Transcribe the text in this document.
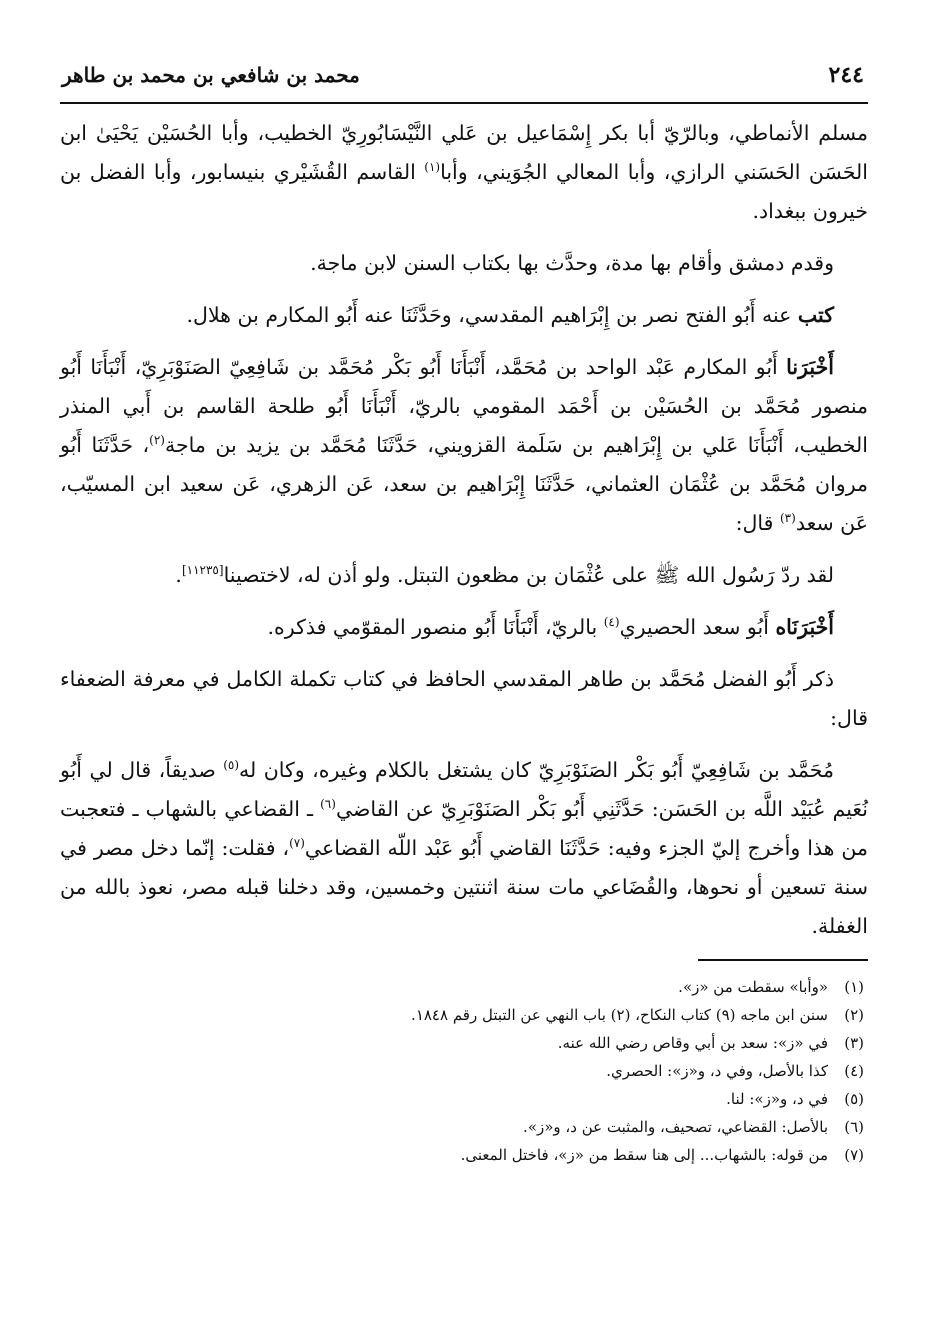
٢٤٤
محمد بن شافعي بن محمد بن طاهر

مسلم الأنماطي، وبالرّيّ أبا بكر إِسْمَاعيل بن عَلي النَّيْسَابُورِيّ الخطيب، وأبا الحُسَيْن يَحْيَىٰ ابن الحَسَن الحَسَني الرازي، وأبا المعالي الجُوَيني، وأبا$^{(١)}$ القاسم القُشَيْري بنيسابور، وأبا الفضل بن خيرون ببغداد.

وقدم دمشق وأقام بها مدة، وحدَّث بها بكتاب السنن لابن ماجة.

كتب عنه أَبُو الفتح نصر بن إِبْرَاهيم المقدسي، وحَدَّثَنَا عنه أَبُو المكارم بن هلال.

أَخْبَرَنا أَبُو المكارم عَبْد الواحد بن مُحَمَّد، أَنْبَأَنَا أَبُو بَكْر مُحَمَّد بن شَافِعِيّ الصَنَوْبَرِيّ، أَنْبَأَنَا أَبُو منصور مُحَمَّد بن الحُسَيْن بن أَحْمَد المقومي بالريّ، أَنْبَأَنَا أَبُو طلحة القاسم بن أَبي المنذر الخطيب، أَنْبَأَنَا عَلي بن إِبْرَاهيم بن سَلَمة القزويني، حَدَّثَنَا مُحَمَّد بن يزيد بن ماجة$^{(٢)}$، حَدَّثَنَا أَبُو مروان مُحَمَّد بن عُثْمَان العثماني، حَدَّثَنَا إِبْرَاهيم بن سعد، عَن الزهري، عَن سعيد ابن المسيّب، عَن سعد$^{(٣)}$ قال:

لقد ردّ رَسُول الله ﷺ على عُثْمَان بن مظعون التبتل. ولو أذن له، لاختصينا[١١٢٣٥].

أَخْبَرَنَاه أَبُو سعد الحصيري$^{(٤)}$ بالريّ، أَنْبَأَنَا أَبُو منصور المقوّمي فذكره.

ذكر أَبُو الفضل مُحَمَّد بن طاهر المقدسي الحافظ في كتاب تكملة الكامل في معرفة الضعفاء قال:

مُحَمَّد بن شَافِعِيّ أَبُو بَكْر الصَنَوْبَرِيّ كان يشتغل بالكلام وغيره، وكان له$^{(٥)}$ صديقاً، قال لي أَبُو نُعَيم عُبَيْد اللَّه بن الحَسَن: حَدَّثَنِي أَبُو بَكْر الصَنَوْبَرِيّ عن القاضي$^{(٦)}$ ـ القضاعي بالشهاب ـ فتعجبت من هذا وأخرج إليّ الجزء وفيه: حَدَّثَنَا القاضي أَبُو عَبْد اللّه القضاعي$^{(٧)}$، فقلت: إنّما دخل مصر في سنة تسعين أو نحوها، والقُضَاعي مات سنة اثنتين وخمسين، وقد دخلنا قبله مصر، نعوذ بالله من الغفلة.

(١)
«وأبا» سقطت من «ز».
(٢)
سنن ابن ماجه (٩) كتاب النكاح، (٢) باب النهي عن التبتل رقم ١٨٤٨.
(٣)
في «ز»: سعد بن أبي وقاص رضي الله عنه.
(٤)
كذا بالأصل، وفي د، و«ز»: الحصري.
(٥)
في د، و«ز»: لنا.
(٦)
بالأصل: القضاعي، تصحيف، والمثبت عن د، و«ز».
(٧)
من قوله: بالشهاب... إلى هنا سقط من «ز»، فاختل المعنى.
